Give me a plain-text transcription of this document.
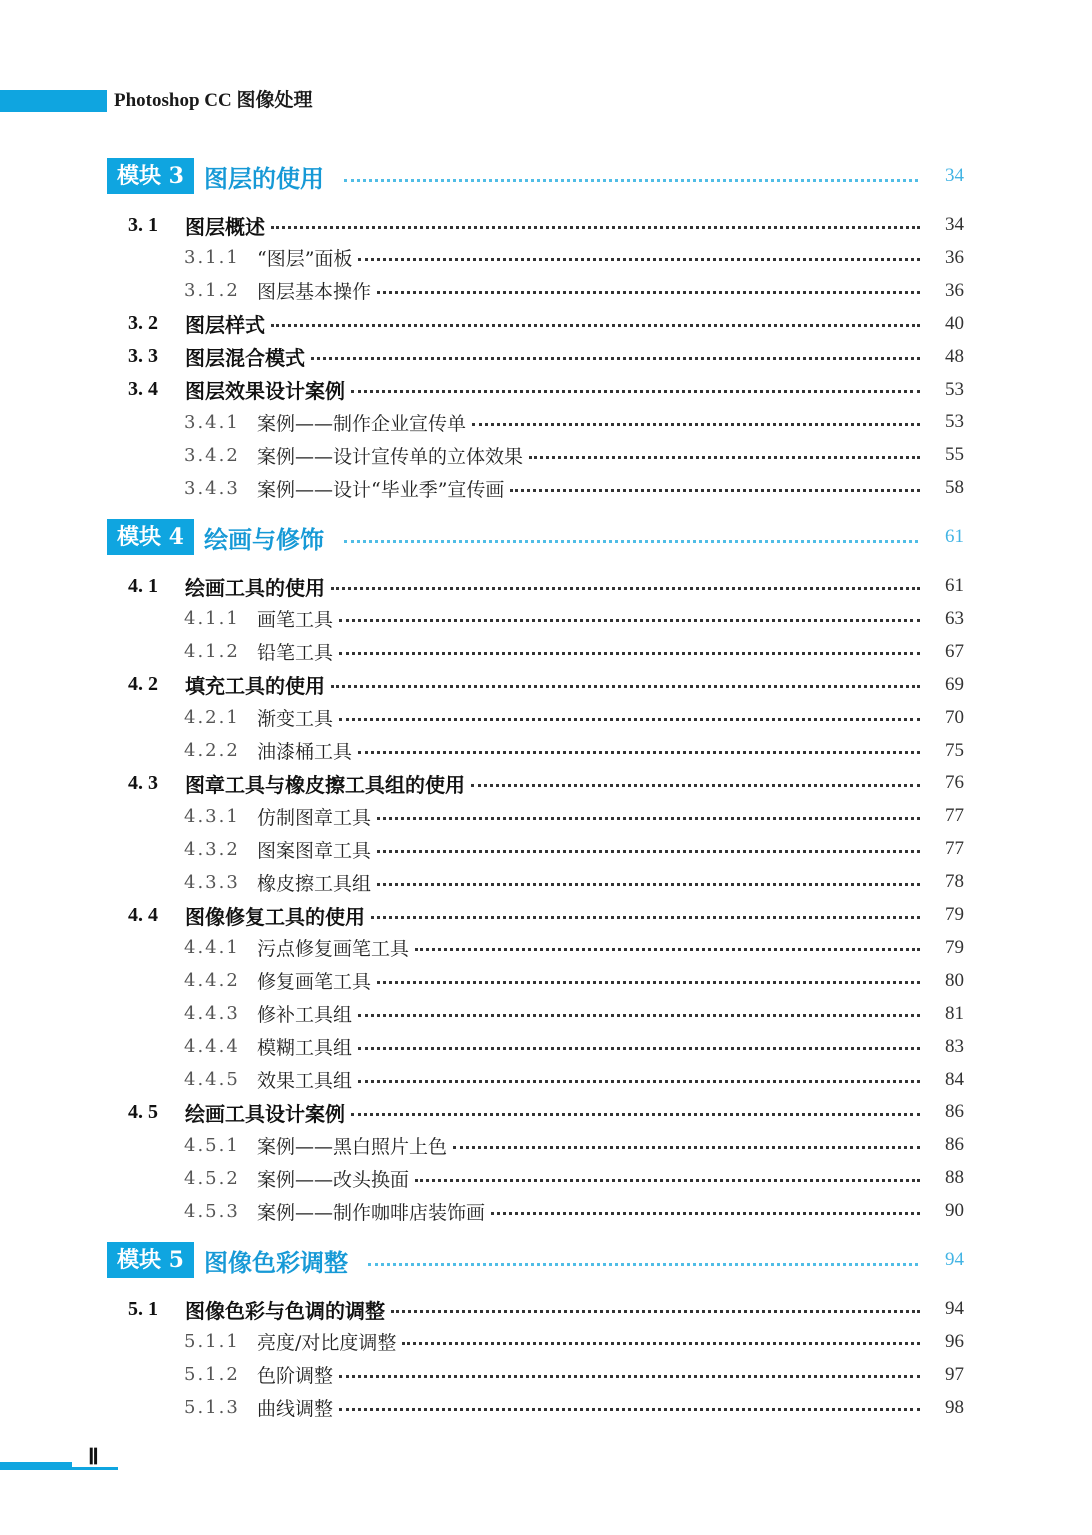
Photoshop CC 图像处理
模块 3 图层的使用	34
3. 1 图层概述	34
3.1.1 “图层”面板	36
3.1.2 图层基本操作	36
3. 2 图层样式	40
3. 3 图层混合模式	48
3. 4 图层效果设计案例	53
3.4.1 案例——制作企业宣传单	53
3.4.2 案例——设计宣传单的立体效果	55
3.4.3 案例——设计“毕业季”宣传画	58
模块 4 绘画与修饰	61
4. 1 绘画工具的使用	61
4.1.1 画笔工具	63
4.1.2 铅笔工具	67
4. 2 填充工具的使用	69
4.2.1 渐变工具	70
4.2.2 油漆桶工具	75
4. 3 图章工具与橡皮擦工具组的使用	76
4.3.1 仿制图章工具	77
4.3.2 图案图章工具	77
4.3.3 橡皮擦工具组	78
4. 4 图像修复工具的使用	79
4.4.1 污点修复画笔工具	79
4.4.2 修复画笔工具	80
4.4.3 修补工具组	81
4.4.4 模糊工具组	83
4.4.5 效果工具组	84
4. 5 绘画工具设计案例	86
4.5.1 案例——黑白照片上色	86
4.5.2 案例——改头换面	88
4.5.3 案例——制作咖啡店装饰画	90
模块 5 图像色彩调整	94
5. 1 图像色彩与色调的调整	94
5.1.1 亮度/对比度调整	96
5.1.2 色阶调整	97
5.1.3 曲线调整	98
Ⅱ
